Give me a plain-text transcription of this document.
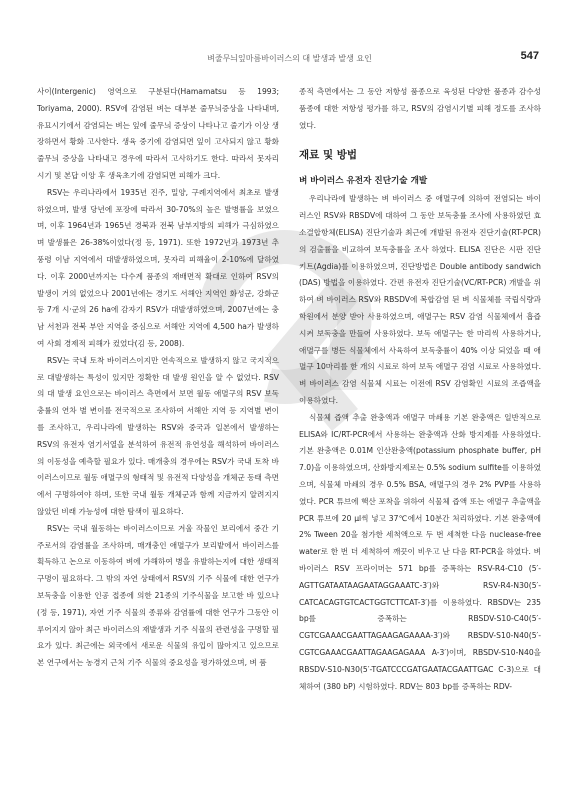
벼줄무늬잎마름바이러스의 대 발생과 발생 요인	547

사이(Intergenic) 영역으로 구분된다(Hamamatsu 등 1993; Toriyama, 2000). RSV에 감염된 벼는 대부분 줄무늬증상을 나타내며, 유묘시기에서 감염되는 벼는 잎에 줄무늬 증상이 나타나고 줄기가 이상 생장하면서 황화 고사한다. 생육 중기에 감염되면 잎이 고사되지 않고 황화 줄무늬 증상을 나타내고 경우에 따라서 고사하기도 한다. 따라서 못자리 시기 및 본답 이앙 후 생육초기에 감염되면 피해가 크다.

RSV는 우리나라에서 1935년 진주, 밀양, 구례지역에서 최초로 발생하였으며, 발생 당년에 포장에 따라서 30-70%의 높은 발병률을 보였으며, 이후 1964년과 1965년 경북과 전북 남부지방의 피해가 극심하였으며 발생률은 26-38%이었다(정 등, 1971). 또한 1972년과 1973년 추풍령 이남 지역에서 대발생하였으며, 못자리 피해율이 2-10%에 달하였다. 이후 2000년까지는 다수계 품종의 재배면적 확대로 인하여 RSV의 발생이 거의 없었으나 2001년에는 경기도 서해안 지역인 화성군, 강화군 등 7개 시·군의 26 ha에 감자기 RSV가 대발생하였으며, 2007년에는 충남 서천과 전북 부안 지역을 중심으로 서해안 지역에 4,500 ha가 발생하여 사회 경제적 피해가 컸었다(김 등, 2008).

RSV는 국내 토착 바이러스이지만 연속적으로 발생하지 않고 국지적으로 대발생하는 특성이 있지만 정확한 대 발생 원인을 알 수 없었다. RSV의 대 발생 요인으로는 바이러스 측면에서 보면 월동 애멸구의 RSV 보독충률의 연차 별 변이를 전국적으로 조사하여 서해안 지역 등 지역별 변이를 조사하고, 우리나라에 발생하는 RSV와 중국과 일본에서 발생하는 RSV의 유전자 염기서열을 분석하여 유전적 유연성을 해석하여 바이러스의 이동성을 예측할 필요가 있다. 매개충의 경우에는 RSV가 국내 토착 바이러스이므로 월동 애멸구의 형태적 및 유전적 다양성을 개체군 동태 측면에서 구명하여야 하며, 또한 국내 월동 개체군과 함께 지금까지 알려지지 않았던 비래 가능성에 대한 탐색이 필요하다.

RSV는 국내 월동하는 바이러스이므로 겨울 작물인 보리에서 중간 기주로서의 감염률을 조사하며, 매개충인 애멸구가 보리밭에서 바이러스를 획득하고 논으로 이동하여 벼에 가해하여 병을 유발하는지에 대한 생태적 구명이 필요하다. 그 밖의 자연 상태에서 RSV의 기주 식물에 대한 연구가 보독충을 이용한 인공 접종에 의한 21종의 기주식물을 보고한 바 있으나(정 등, 1971), 자연 기주 식물의 종류와 감염률에 대한 연구가 그동안 이루어지지 않아 최근 바이러스의 재발생과 기주 식물의 관련성을 구명할 필요가 있다. 최근에는 외국에서 새로운 식물의 유입이 많아지고 있으므로 본 연구에서는 농경지 근처 기주 식물의 중요성을 평가하였으며, 벼 품

종적 측면에서는 그 동안 저항성 품종으로 육성된 다양한 품종과 감수성 품종에 대한 저항성 평가를 하고, RSV의 감염시기별 피해 정도를 조사하였다.

재료 및 방법
벼 바이러스 유전자 진단기술 개발

우리나라에 발생하는 벼 바이러스 중 애멸구에 의하여 전염되는 바이러스인 RSV와 RBSDV에 대하여 그 동안 보독충률 조사에 사용하였던 효소결합항체(ELISA) 진단기술과 최근에 개발된 유전자 진단기술(RT-PCR)의 검출률을 비교하여 보독충률을 조사 하였다. ELISA 진단은 시판 진단키트(Agdia)를 이용하였으며, 진단방법은 Double antibody sandwich (DAS) 방법을 이용하였다. 간편 유전자 진단기술(VC/RT-PCR) 개발을 위하여 벼 바이러스 RSV와 RBSDV에 복합감염 된 벼 식물체를 국립식량과학원에서 분양 받아 사용하였으며, 애멸구는 RSV 감염 식물체에서 흡즙시켜 보독충을 만들어 사용하였다. 보독 애멸구는 한 마리씩 사용하거나, 애멸구를 병든 식물체에서 사육하여 보독충률이 40% 이상 되었을 때 애멸구 10마리를 한 개의 시료로 하여 보독 애멸구 검염 시료로 사용하였다. 벼 바이러스 감염 식물체 시료는 이전에 RSV 감염확인 시료의 조즙액을 이용하였다.

식물체 즙액 추출 완충액과 애멸구 마쇄용 기본 완충액은 일반적으로 ELISA와 IC/RT-PCR에서 사용하는 완충액과 산화 방지제를 사용하였다. 기본 완충액은 0.01M 인산완충액(potassium phosphate buffer, pH 7.0)을 이용하였으며, 산화방지제로는 0.5% sodium sulfite를 이용하였으며, 식물체 마쇄의 경우 0.5% BSA, 애멸구의 경우 2% PVP를 사용하였다. PCR 튜브에 핵산 포착을 위하여 식물체 즙액 또는 애멸구 추출액을 PCR 튜브에 20 μl씩 넣고 37℃에서 10분간 처리하였다. 기본 완충액에 2% Tween 20을 첨가한 세척액으로 두 번 세척한 다음 nuclease-free water로 한 번 더 세척하여 깨끗이 비우고 난 다음 RT-PCR을 하였다. 벼 바이러스 RSV 프라이머는 571 bp를 증폭하는 RSV-R4-C10 (5′-AGTTGATAATAAGAATAGGAAATC-3′)와 RSV-R4-N30(5′-CATCACAGTGTCACTGGTCTTCAT-3′)를 이용하였다. RBSDV는 235 bp를 증폭하는 RBSDV-S10-C40(5′-CGTCGAAACGAATTAGAAGAGAAAA-3′)와 RBSDV-S10-N40(5′-CGTCGAAACGAATTAGAAGAGAAA A-3′)이며, RBSDV-S10-N40을 RBSDV-S10-N30(5′-TGATCCCGATGAATACGAATTGAC C-3)으로 대체하여 (380 bP) 시험하였다. RDV는 803 bp를 증폭하는 RDV-
